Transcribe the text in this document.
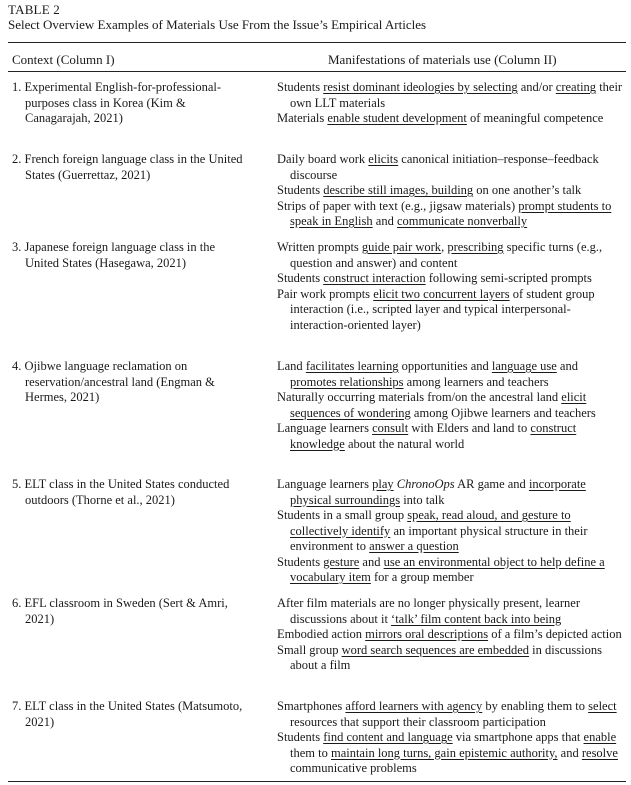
TABLE 2
Select Overview Examples of Materials Use From the Issue’s Empirical Articles
Context (Column I)	Manifestations of materials use (Column II)
1. Experimental English-for-professional-purposes class in Korea (Kim & Canagarajah, 2021)
Students resist dominant ideologies by selecting and/or creating their own LLT materials
Materials enable student development of meaningful competence
2. French foreign language class in the United States (Guerrettaz, 2021)
Daily board work elicits canonical initiation–response–feedback discourse
Students describe still images, building on one another’s talk
Strips of paper with text (e.g., jigsaw materials) prompt students to speak in English and communicate nonverbally
3. Japanese foreign language class in the United States (Hasegawa, 2021)
Written prompts guide pair work, prescribing specific turns (e.g., question and answer) and content
Students construct interaction following semi-scripted prompts
Pair work prompts elicit two concurrent layers of student group interaction (i.e., scripted layer and typical interpersonal-interaction-oriented layer)
4. Ojibwe language reclamation on reservation/ancestral land (Engman & Hermes, 2021)
Land facilitates learning opportunities and language use and promotes relationships among learners and teachers
Naturally occurring materials from/on the ancestral land elicit sequences of wondering among Ojibwe learners and teachers
Language learners consult with Elders and land to construct knowledge about the natural world
5. ELT class in the United States conducted outdoors (Thorne et al., 2021)
Language learners play ChronoOps AR game and incorporate physical surroundings into talk
Students in a small group speak, read aloud, and gesture to collectively identify an important physical structure in their environment to answer a question
Students gesture and use an environmental object to help define a vocabulary item for a group member
6. EFL classroom in Sweden (Sert & Amri, 2021)
After film materials are no longer physically present, learner discussions about it ‘talk’ film content back into being
Embodied action mirrors oral descriptions of a film’s depicted action
Small group word search sequences are embedded in discussions about a film
7. ELT class in the United States (Matsumoto, 2021)
Smartphones afford learners with agency by enabling them to select resources that support their classroom participation
Students find content and language via smartphone apps that enable them to maintain long turns, gain epistemic authority, and resolve communicative problems
